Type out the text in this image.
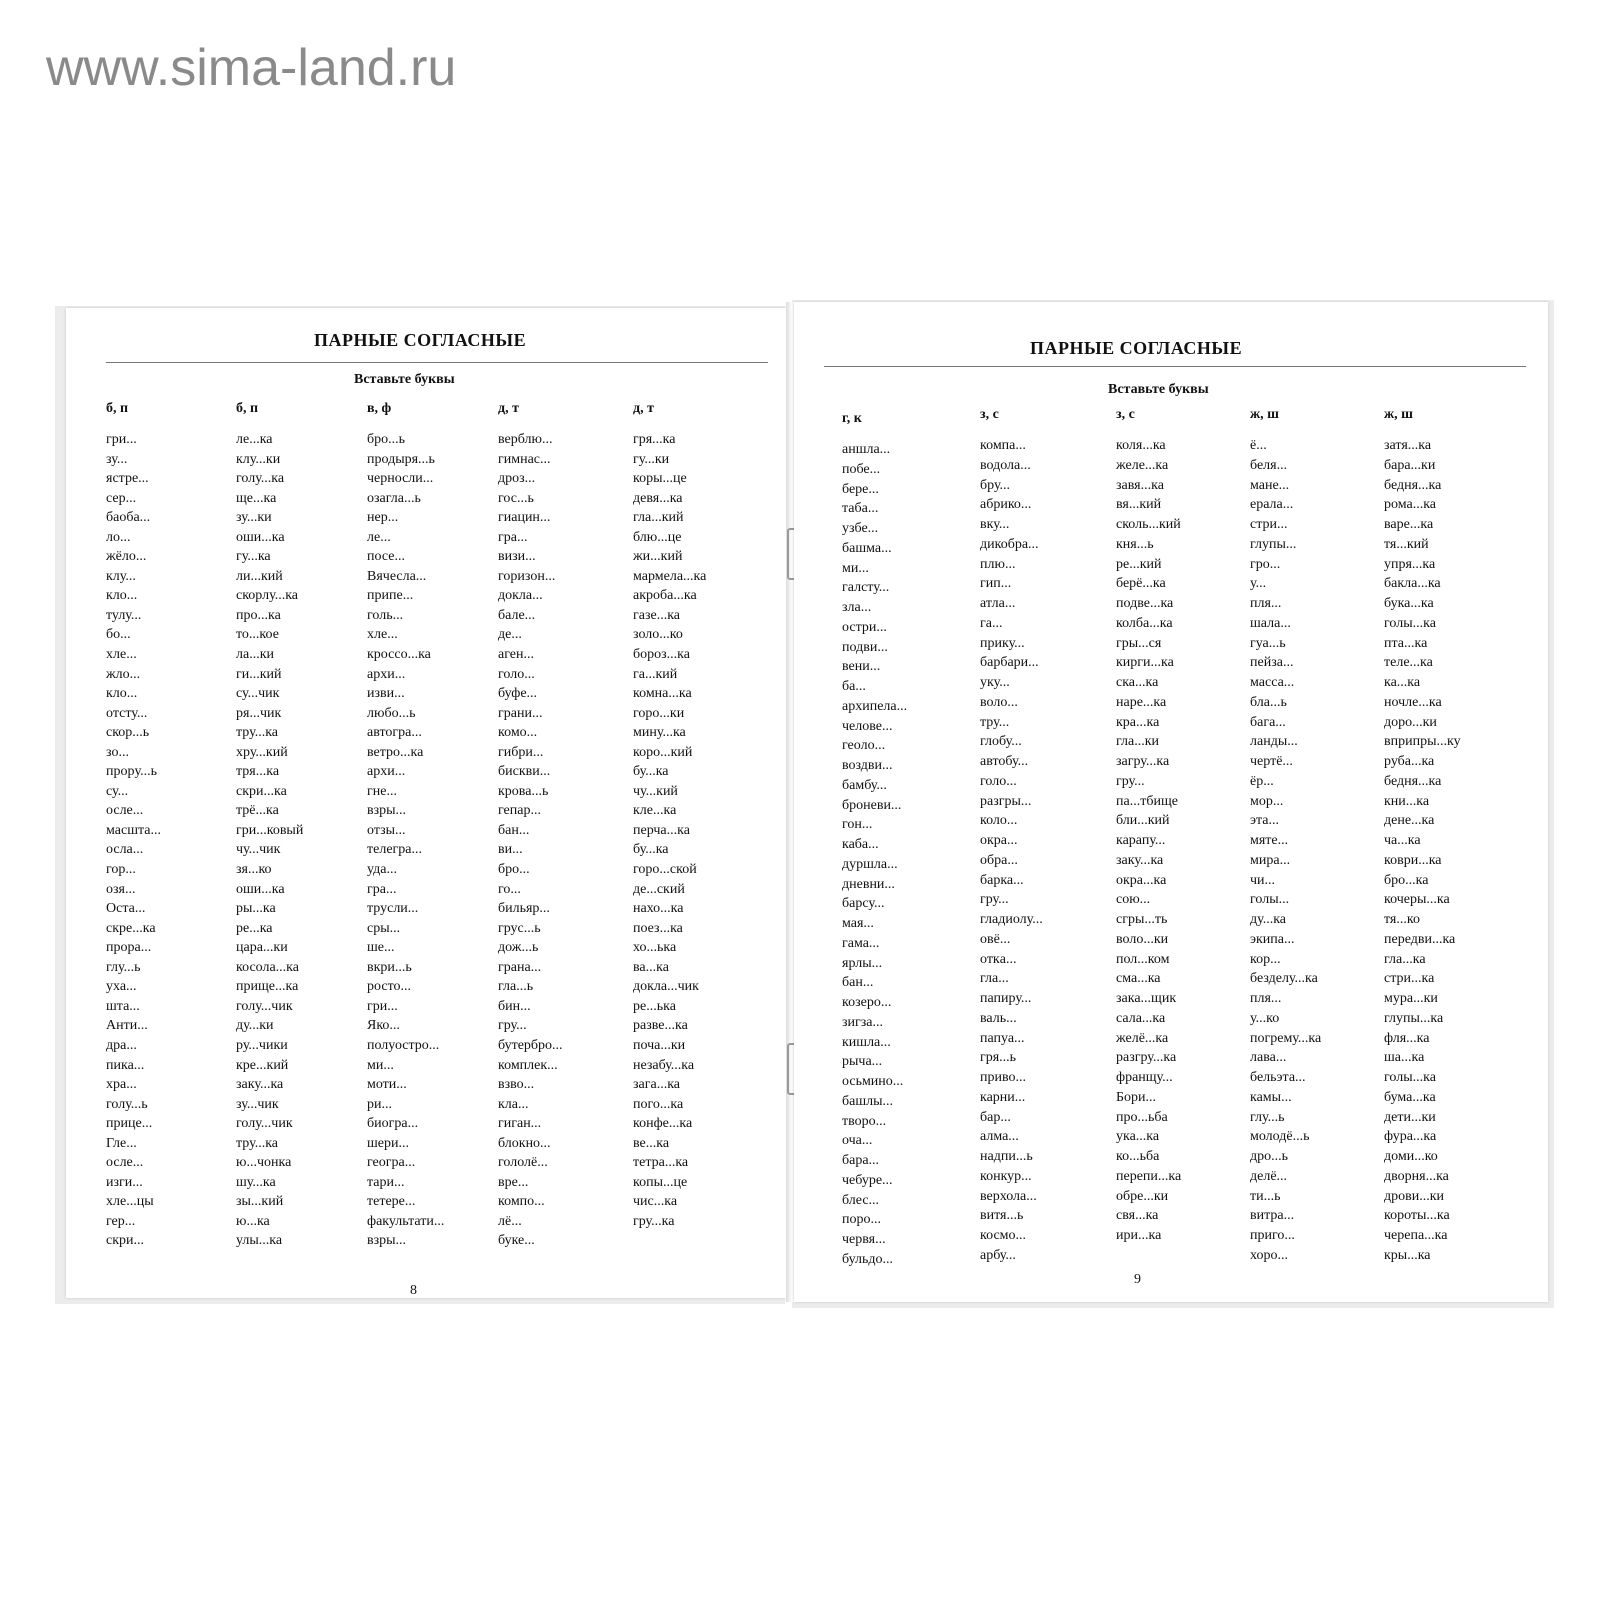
www.sima-land.ru
ПАРНЫЕ СОГЛАСНЫЕ
Вставьте буквы
б, п
гри...
зу...
ястре...
сер...
баоба...
ло...
жёло...
клу...
кло...
тулу...
бо...
хле...
жло...
кло...
отсту...
скор...ь
зо...
проpу...ь
су...
осле...
масшта...
осла...
гор...
озя...
Оста...
скре...ка
прора...
глу...ь
уха...
шта...
Анти...
дра...
пика...
хра...
голу...ь
прице...
Гле...
осле...
изги...
хле...цы
гер...
скри...
б, п
ле...ка
клу...ки
голу...ка
ще...ка
зу...ки
оши...ка
гу...ка
ли...кий
скорлу...ка
про...ка
то...кое
ла...ки
ги...кий
су...чик
ря...чик
тру...ка
хру...кий
тря...ка
скри...ка
трё...ка
гри...ковый
чу...чик
зя...ко
оши...ка
ры...ка
ре...ка
цара...ки
косола...ка
прище...ка
голу...чик
ду...ки
ру...чики
кре...кий
заку...ка
зу...чик
голу...чик
тру...ка
ю...чонка
шу...ка
зы...кий
ю...ка
улы...ка
в, ф
бро...ь
продыря...ь
черносли...
озагла...ь
нер...
ле...
посе...
Вячесла...
припе...
голь...
хле...
кроссо...ка
архи...
изви...
любо...ь
автогра...
ветро...ка
архи...
гне...
взры...
отзы...
телегра...
уда...
гра...
трусли...
сры...
ше...
вкри...ь
росто...
гри...
Яко...
полуостро...
ми...
моти...
ри...
биогра...
шери...
геогра...
тари...
тетере...
факультати...
взры...
д, т
верблю...
гимнас...
дроз...
гос...ь
гиацин...
гра...
визи...
горизон...
докла...
бале...
де...
аген...
голо...
буфе...
грани...
комо...
гибри...
бискви...
крова...ь
гепар...
бан...
ви...
бро...
го...
бильяр...
грус...ь
дож...ь
грана...
гла...ь
бин...
гру...
бутербро...
комплек...
взво...
кла...
гиган...
блокно...
гололё...
вре...
компо...
лё...
буке...
д, т
гря...ка
гу...ки
коры...це
девя...ка
гла...кий
блю...це
жи...кий
мармела...ка
акроба...ка
газе...ка
золо...ко
бороз...ка
га...кий
комна...ка
горо...ки
мину...ка
коро...кий
бу...ка
чу...кий
кле...ка
перча...ка
бу...ка
горо...ской
де...ский
нахо...ка
поез...ка
хо...ька
ва...ка
докла...чик
ре...ька
разве...ка
поча...ки
незабу...ка
зага...ка
пого...ка
конфе...ка
ве...ка
тетра...ка
копы...це
чис...ка
гру...ка
8
ПАРНЫЕ СОГЛАСНЫЕ
Вставьте буквы
г, к
аншла...
побе...
бере...
таба...
узбе...
башма...
ми...
галсту...
зла...
остри...
подви...
вени...
ба...
архипела...
челове...
геоло...
воздви...
бамбу...
броневи...
гон...
каба...
дуршла...
дневни...
барсу...
мая...
гама...
ярлы...
бан...
козеро...
зигза...
кишла...
рыча...
осьмино...
башлы...
творо...
оча...
бара...
чебуре...
блес...
поро...
червя...
бульдо...
з, с
компа...
водола...
бру...
абрико...
вку...
дикобра...
плю...
гип...
атла...
га...
прику...
барбари...
уку...
воло...
тру...
глобу...
автобу...
голо...
разгры...
коло...
окра...
обра...
барка...
гру...
гладиолу...
овё...
откa...
гла...
папиру...
валь...
папуа...
гря...ь
приво...
карни...
бар...
алма...
надпи...ь
конкур...
верхола...
витя...ь
космо...
арбу...
з, с
коля...ка
желе...ка
завя...ка
вя...кий
сколь...кий
кня...ь
ре...кий
берё...ка
подве...ка
колба...ка
гры...ся
кирги...ка
ска...ка
наре...ка
кра...ка
гла...ки
загру...ка
гру...
па...тбище
бли...кий
карапу...
заку...ка
окра...ка
сою...
сгры...ть
воло...ки
пол...ком
сма...ка
зака...щик
сала...ка
желё...ка
разгру...ка
франщу...
Бори...
про...ьба
ука...ка
ко...ьба
перепи...ка
обре...ки
свя...ка
ири...ка
ж, ш
ё...
беля...
мане...
ерала...
стри...
глупы...
гро...
у...
пля...
шала...
гуа...ь
пейза...
масса...
бла...ь
бага...
ланды...
чертё...
ёр...
мор...
эта...
мяте...
мира...
чи...
голы...
ду...ка
экипа...
кор...
безделу...ка
пля...
у...ко
погрему...ка
лава...
бельэта...
камы...
глу...ь
молодё...ь
дро...ь
делё...
ти...ь
витра...
приго...
хоро...
ж, ш
затя...ка
бара...ки
бедня...ка
рома...ка
варе...ка
тя...кий
упря...ка
бакла...ка
бука...ка
голы...ка
пта...ка
теле...ка
ка...ка
ночле...ка
доро...ки
вприпры...ку
руба...ка
бедня...ка
кни...ка
дене...ка
ча...ка
коври...ка
бро...ка
кочеры...ка
тя...ко
передви...ка
гла...ка
стри...ка
мура...ки
глупы...ка
фля...ка
ша...ка
голы...ка
бума...ка
дети...ки
фура...ка
доми...ко
дворня...ка
дрови...ки
короты...ка
черепа...ка
кры...ка
9
